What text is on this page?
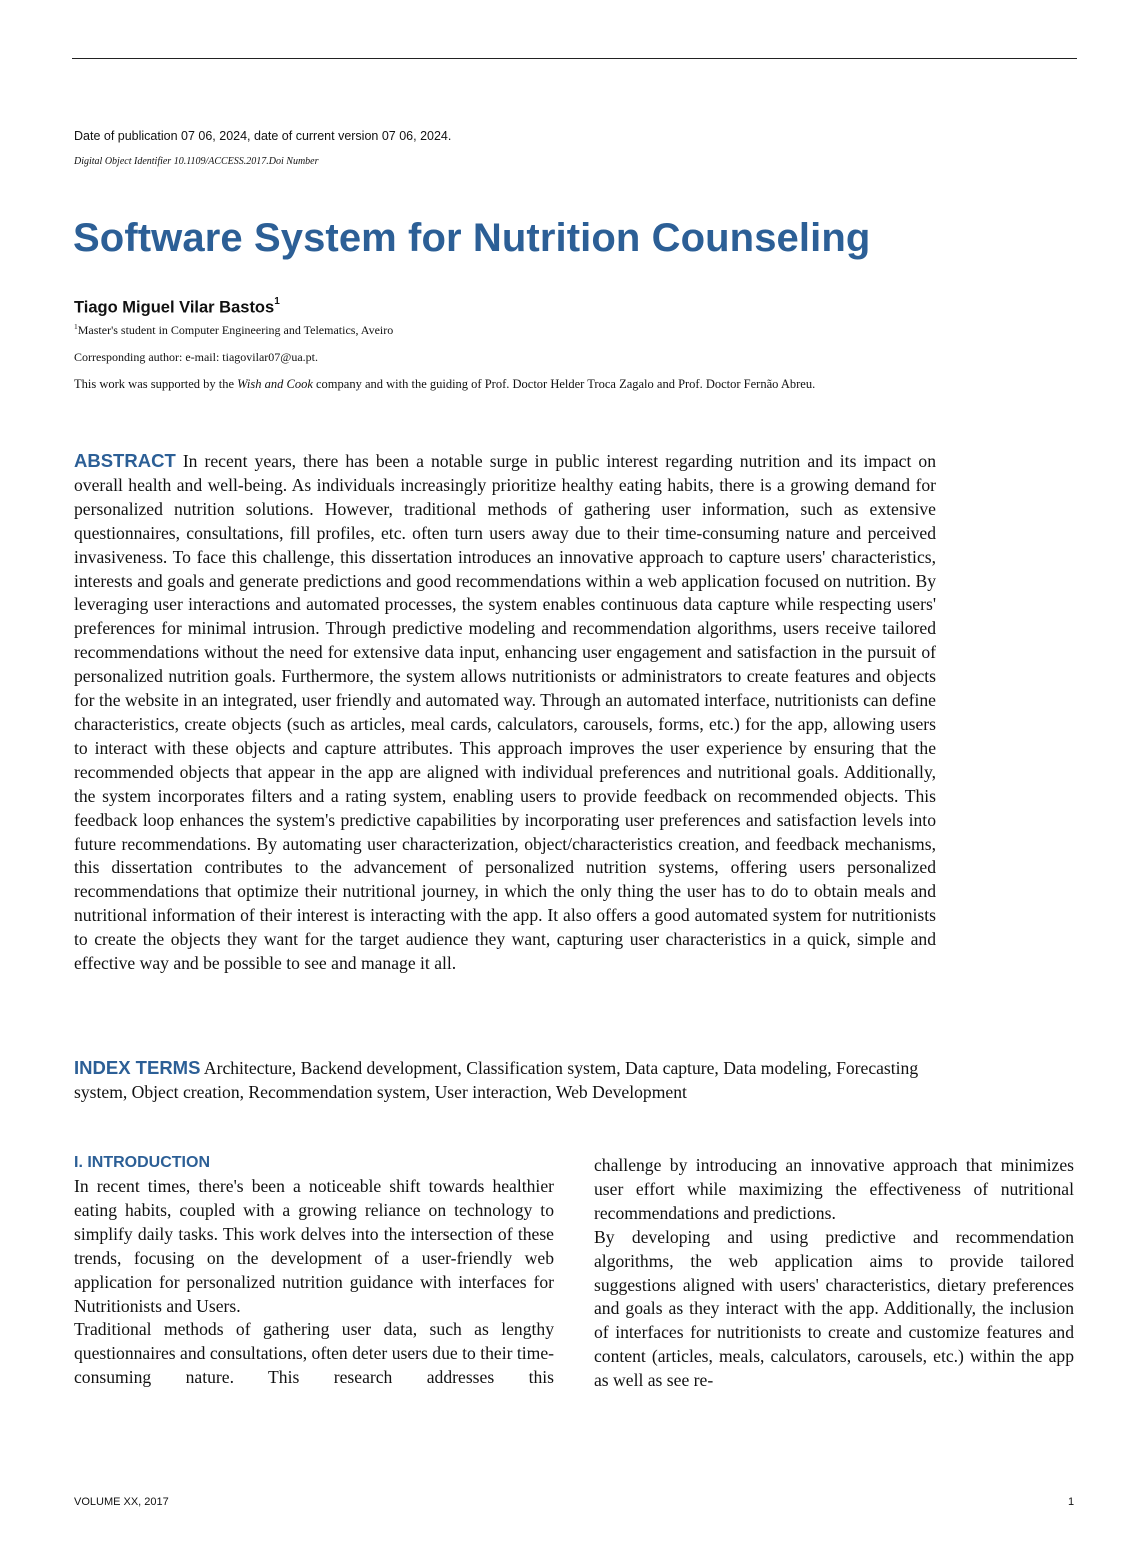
Date of publication 07 06, 2024, date of current version 07 06, 2024.
Digital Object Identifier 10.1109/ACCESS.2017.Doi Number
Software System for Nutrition Counseling
Tiago Miguel Vilar Bastos$^1$
$^1$Master's student in Computer Engineering and Telematics, Aveiro
Corresponding author: e-mail: tiagovilar07@ua.pt.
This work was supported by the Wish and Cook company and with the guiding of Prof. Doctor Helder Troca Zagalo and Prof. Doctor Fernão Abreu.

ABSTRACT In recent years, there has been a notable surge in public interest regarding nutrition and its impact on overall health and well-being. As individuals increasingly prioritize healthy eating habits, there is a growing demand for personalized nutrition solutions. However, traditional methods of gathering user information, such as extensive questionnaires, consultations, fill profiles, etc. often turn users away due to their time-consuming nature and perceived invasiveness. To face this challenge, this dissertation introduces an innovative approach to capture users' characteristics, interests and goals and generate predictions and good recommendations within a web application focused on nutrition. By leveraging user interactions and automated processes, the system enables continuous data capture while respecting users' preferences for minimal intrusion. Through predictive modeling and recommendation algorithms, users receive tailored recommendations without the need for extensive data input, enhancing user engagement and satisfaction in the pursuit of personalized nutrition goals. Furthermore, the system allows nutritionists or administrators to create features and objects for the website in an integrated, user friendly and automated way. Through an automated interface, nutritionists can define characteristics, create objects (such as articles, meal cards, calculators, carousels, forms, etc.) for the app, allowing users to interact with these objects and capture attributes. This approach improves the user experience by ensuring that the recommended objects that appear in the app are aligned with individual preferences and nutritional goals. Additionally, the system incorporates filters and a rating system, enabling users to provide feedback on recommended objects. This feedback loop enhances the system's predictive capabilities by incorporating user preferences and satisfaction levels into future recommendations. By automating user characterization, object/characteristics creation, and feedback mechanisms, this dissertation contributes to the advancement of personalized nutrition systems, offering users personalized recommendations that optimize their nutritional journey, in which the only thing the user has to do to obtain meals and nutritional information of their interest is interacting with the app. It also offers a good automated system for nutritionists to create the objects they want for the target audience they want, capturing user characteristics in a quick, simple and effective way and be possible to see and manage it all.

INDEX TERMS Architecture, Backend development, Classification system, Data capture, Data modeling, Forecasting system, Object creation, Recommendation system, User interaction, Web Development

I. INTRODUCTION

In recent times, there's been a noticeable shift towards healthier eating habits, coupled with a growing reliance on technology to simplify daily tasks. This work delves into the intersection of these trends, focusing on the development of a user-friendly web application for personalized nutrition guidance with interfaces for Nutritionists and Users.

Traditional methods of gathering user data, such as lengthy questionnaires and consultations, often deter users due to their time-consuming nature. This research addresses this

challenge by introducing an innovative approach that minimizes user effort while maximizing the effectiveness of nutritional recommendations and predictions.

By developing and using predictive and recommendation algorithms, the web application aims to provide tailored suggestions aligned with users' characteristics, dietary preferences and goals as they interact with the app. Additionally, the inclusion of interfaces for nutritionists to create and customize features and content (articles, meals, calculators, carousels, etc.) within the app as well as see re-

VOLUME XX, 2017	1
